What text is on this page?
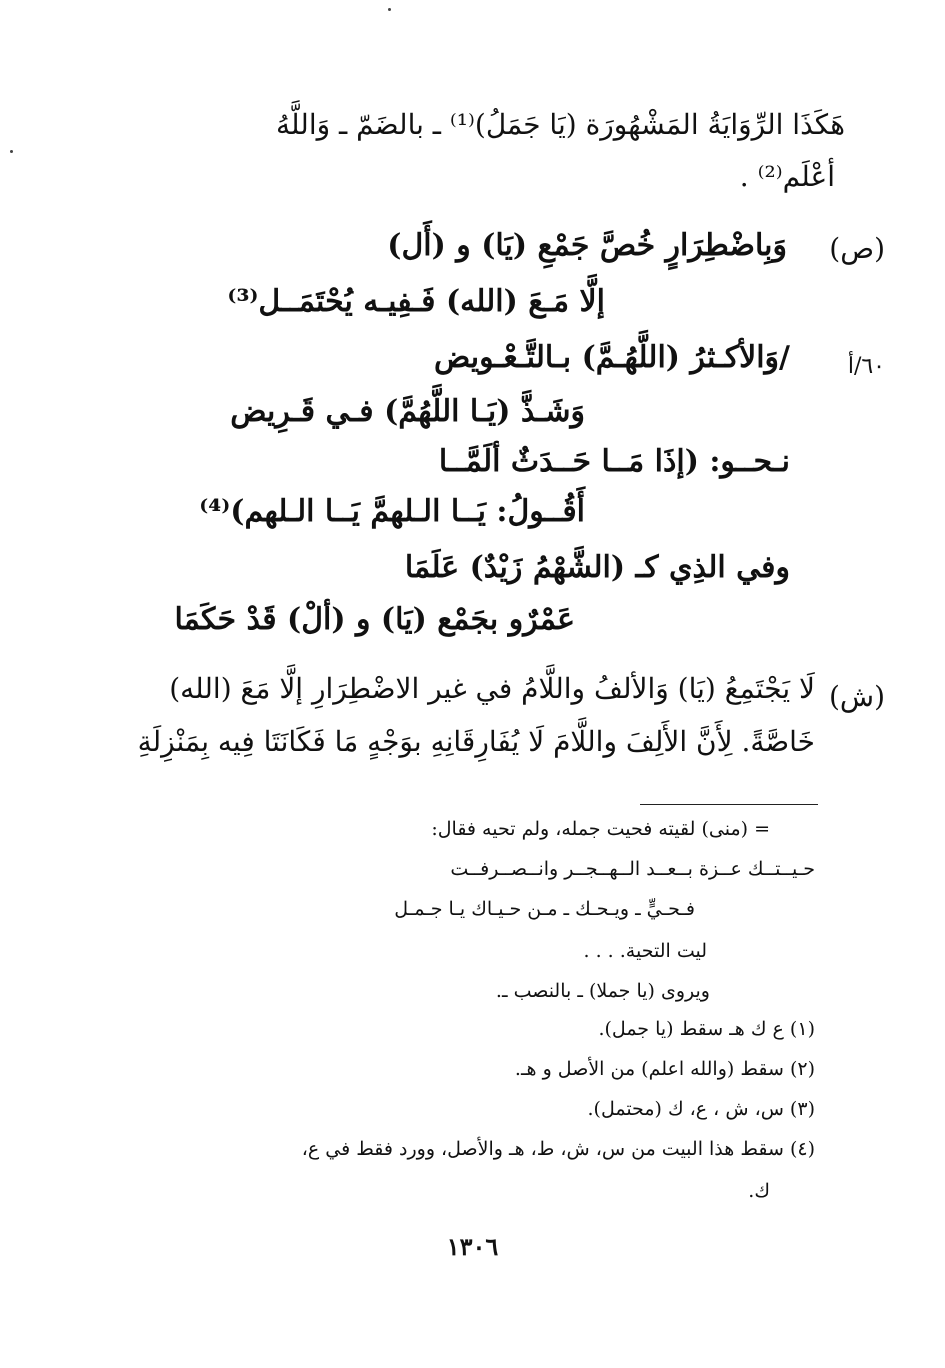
هَكَذَا الرِّوَايَةُ المَشْهُورَة (يَا جَمَلُ)⁽¹⁾ ـ بالضَمّ ـ وَاللَّهُ
أعْلَم⁽²⁾ .
(ص)
وَبِاضْطِرَارٍ خُصَّ جَمْعِ (يَا) و (أَل)
إلَّا مَـعَ (الله) فَـفِيـه يُحْتَمَــل⁽³⁾
٦٠/أ
/وَالأكـثرُ (اللَّهُـمَّ) بـالتَّـعْـويض
وَشَـذَّ (يَـا اللَّهُمَّ) فـي قَـرِيض
نـحــو: (إذَا مَــا حَــدَثٌ ألَمَّــا
أَقُــولُ: يَــا الـلهمَّ يَــا الـلهم)⁽⁴⁾
وفي الذِي كـ (الشَّهْمُ زَيْدٌ) عَلَمَا
عَمْرٌو بجَمْع (يَا) و (ألْ) قَدْ حَكَمَا
(ش)
لَا يَجْتَمِعُ (يَا) وَالألفُ واللَّامُ في غير الاضْطِرَارِ إلَّا مَعَ (الله)
خَاصَّةً. لِأَنَّ الأَلِفَ واللَّامَ لَا يُفَارِقَانِهِ بوَجْهٍ مَا فَكَانَتَا فِيه بِمَنْزِلَةِ
= (منى) لقيته فحيت جمله، ولم تحيه فقال:
حـيــتــك عــزة بــعــد الــهــجــر وانــصــرفــت
فـحـيٍّ ـ ويـحـك ـ مـن حـيـاك يـا جـمـل
ليت التحية. . . .
ويروى (يا جملا) ـ بالنصب ـ.
(١) ع ك هـ سقط (يا جمل).
(٢) سقط (والله اعلم) من الأصل و هـ.
(٣) س، ش ، ع، ك (محتمل).
(٤) سقط هذا البيت من س، ش، ط، هـ والأصل، وورد فقط في ع،
ك.
١٣٠٦
